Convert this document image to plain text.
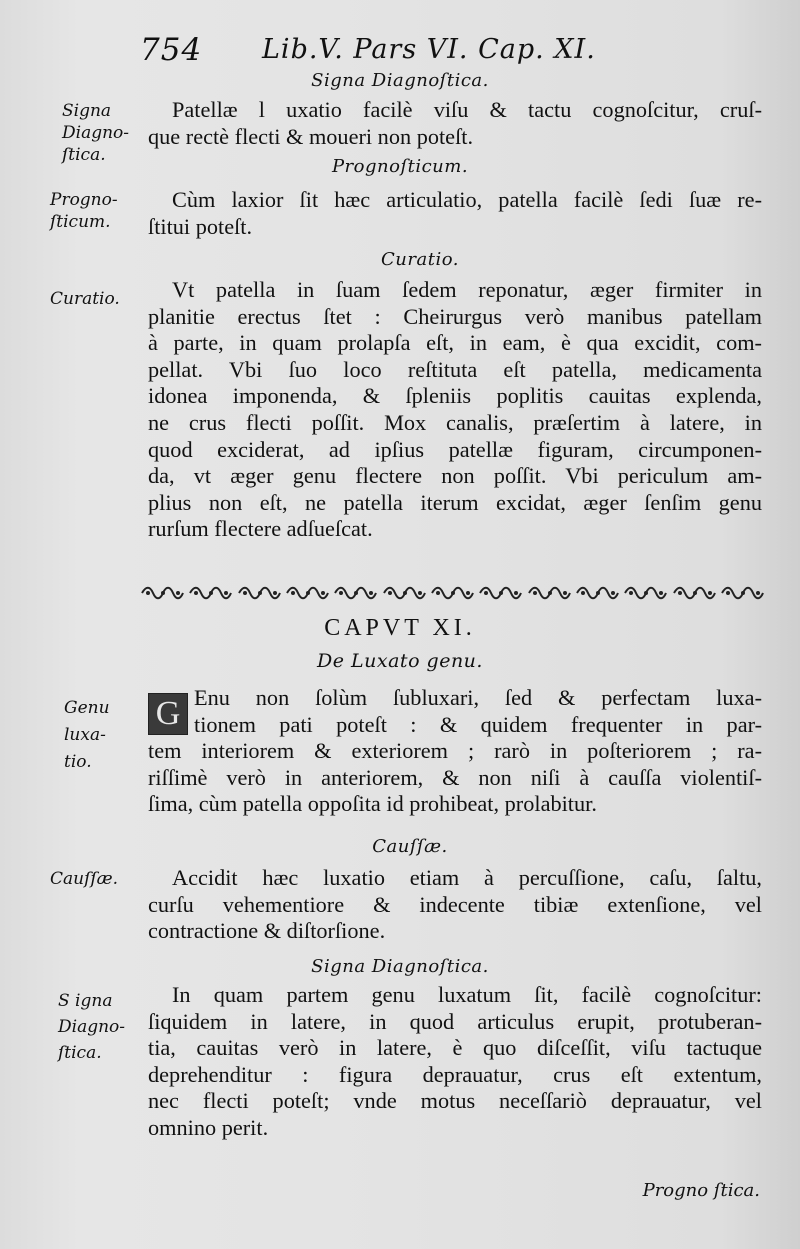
754 Lib.V. Pars VI. Cap. XI.
Signa Diagnoſtica.
Signa
Diagno-
ſtica.
Patellæ l uxatio facilè viſu & tactu cognoſcitur, cruſ-
que rectè flecti & moueri non poteſt.
Prognoſticum.
Progno-
ſticum.
Cùm laxior ſit hæc articulatio, patella facilè ſedi ſuæ re-
ſtitui poteſt.
Curatio.
Curatio.	Vt patella in ſuam ſedem reponatur, æger firmiter in
planitie erectus ſtet : Cheirurgus verò manibus patellam
à parte, in quam prolapſa eſt, in eam, è qua excidit, com-
pellat. Vbi ſuo loco reſtituta eſt patella, medicamenta
idonea imponenda, & ſpleniis poplitis cauitas explenda,
ne crus flecti poſſit. Mox canalis, præſertim à latere, in
quod exciderat, ad ipſius patellæ figuram, circumponen-
da, vt æger genu flectere non poſſit. Vbi periculum am-
plius non eſt, ne patella iterum excidat, æger ſenſim genu
rurſum flectere adſueſcat.
CAPVT XI.
De Luxato genu.
Genu
luxa-
tio.
G Enu non ſolùm ſubluxari, ſed & perfectam luxa-
tionem pati poteſt : & quidem frequenter in par-
tem interiorem & exteriorem ; rarò in poſteriorem ; ra-
riſſimè verò in anteriorem, & non niſi à cauſſa violentiſ-
ſima, cùm patella oppoſita id prohibeat, prolabitur.
Cauſſæ.
Cauſſæ.	Accidit hæc luxatio etiam à percuſſione, caſu, ſaltu,
curſu vehementiore & indecente tibiæ extenſione, vel
contractione & diſtorſione.
Signa Diagnoſtica.
S igna
Diagno-
ſtica.
In quam partem genu luxatum ſit, facilè cognoſcitur:
ſiquidem in latere, in quod articulus erupit, protuberan-
tia, cauitas verò in latere, è quo diſceſſit, viſu tactuque
deprehenditur : figura deprauatur, crus eſt extentum,
nec flecti poteſt; vnde motus neceſſariò deprauatur, vel
omnino perit.
Progno ſtica.
